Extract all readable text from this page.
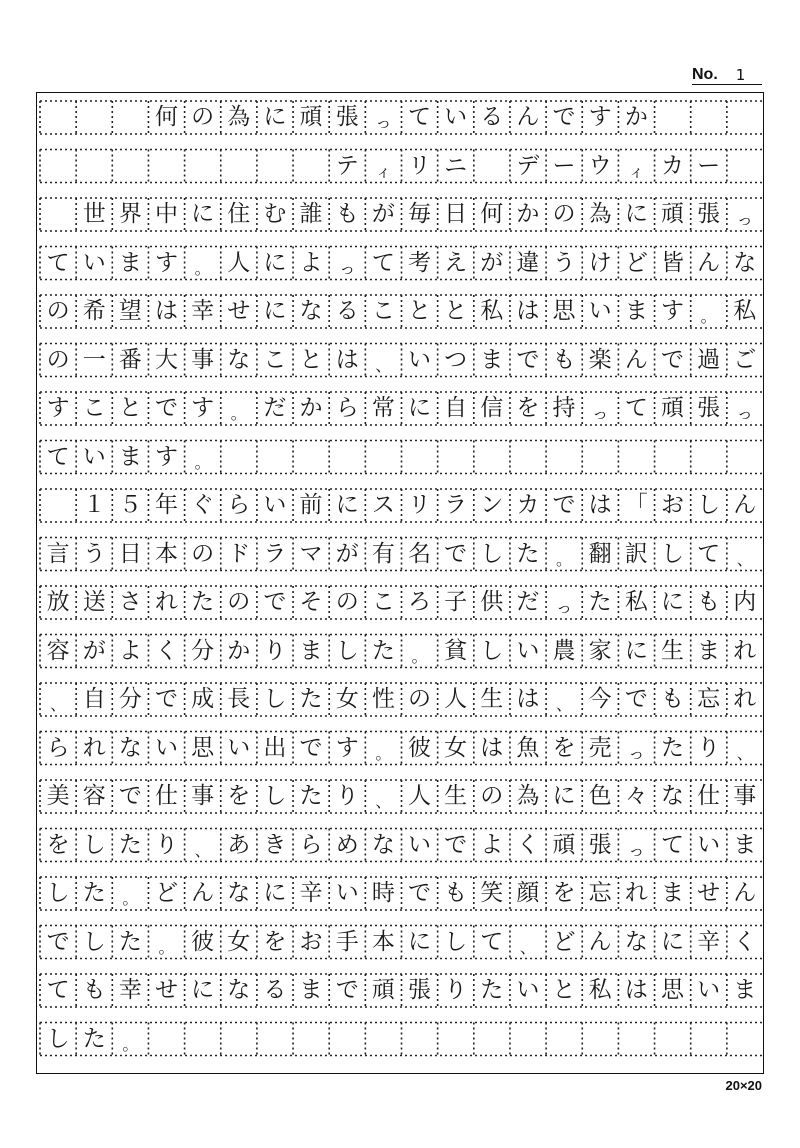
No. 1
何 の 為 に 頑 張	っ て い る ん で す か
テ	ィ リ ニ デ ー ウ	ィ カ ー
世 界 中 に 住 む 誰 も が 毎 日 何 か の 為 に 頑 張	っ
て い ま す	。 人 に よ	っ て 考 え が 違 う け ど 皆 ん な
の 希 望 は 幸 せ に な る こ と と 私 は 思 い ま す	。 私
の 一 番 大 事 な こ と は	、 い つ ま で も 楽 ん で 過 ご
す こ と で す	。 だ か ら 常 に 自 信 を 持	っ て 頑 張	っ
て い ま す	。
１ ５ 年 ぐ ら い 前 に ス リ ラ ン カ で は 「 お し ん
言 う 日 本 の ド ラ マ が 有 名 で し た	。 翻 訳 し て	、
放 送 さ れ た の で そ の こ ろ 子 供 だ	っ た 私 に も 内
容 が よ く 分 か り ま し た	。 貧 し い 農 家 に 生 ま れ
、 自 分 で 成 長 し た 女 性 の 人 生 は	、 今 で も 忘 れ
ら れ な い 思 い 出 で す	。 彼 女 は 魚 を 売	っ た り	、
美 容 で 仕 事 を し た り	、 人 生 の 為 に 色 々 な 仕 事
を し た り	、 あ き ら め な い で よ く 頑 張	っ て い ま
し た	。 ど ん な に 辛 い 時 で も 笑 顔 を 忘 れ ま せ ん
で し た	。 彼 女 を お 手 本 に し て	、 ど ん な に 辛 く
て も 幸 せ に な る ま で 頑 張 り た い と 私 は 思 い ま
し た	。
20×20
